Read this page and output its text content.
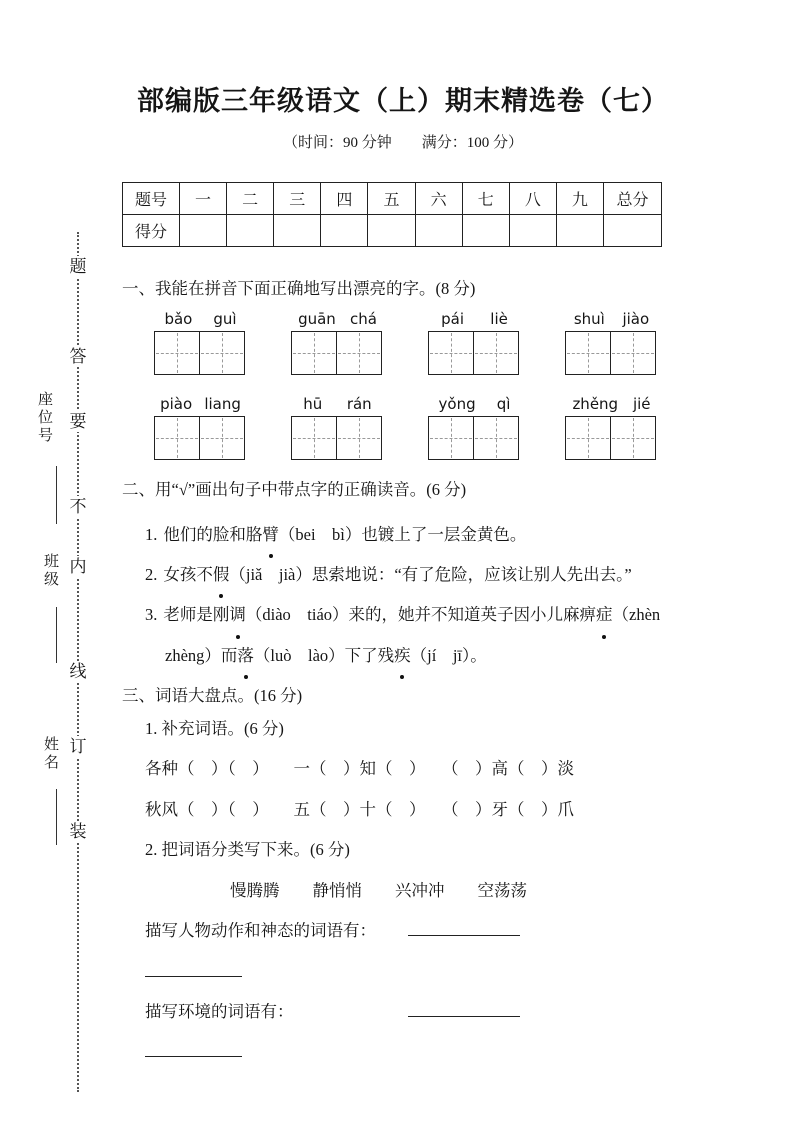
题
答
要
不
内
线
订
装
座位号
班级
姓名
部编版三年级语文（上）期末精选卷（七）
（时间：90 分钟　　满分：100 分）
题号	一	二	三	四	五	六	七	八	九	总分
得分										
一、我能在拼音下面正确地写出漂亮的字。(8 分)
bǎo guì	guān chá	pái liè	shuì jiào
piào liang	hū rán	yǒng qì	zhěng jié
二、用“√”画出句子中带点字的正确读音。(6 分)
1. 他们的脸和胳臂（bei　bì）也镀上了一层金黄色。
2. 女孩不假（jiǎ　jià）思索地说：“有了危险，应该让别人先出去。”
3. 老师是刚调（diào　tiáo）来的，她并不知道英子因小儿麻痹症（zhèn　zhèng）而落（luò　lào）下了残疾（jí　jī）。
三、词语大盘点。(16 分)
1. 补充词语。(6 分)
各种（　）（　）　　一（　）知（　）　　（　）高（　）淡
秋风（　）（　）　　五（　）十（　）　　（　）牙（　）爪
2. 把词语分类写下来。(6 分)
慢腾腾　　静悄悄　　兴冲冲　　空荡荡
描写人物动作和神态的词语有：
描写环境的词语有：
